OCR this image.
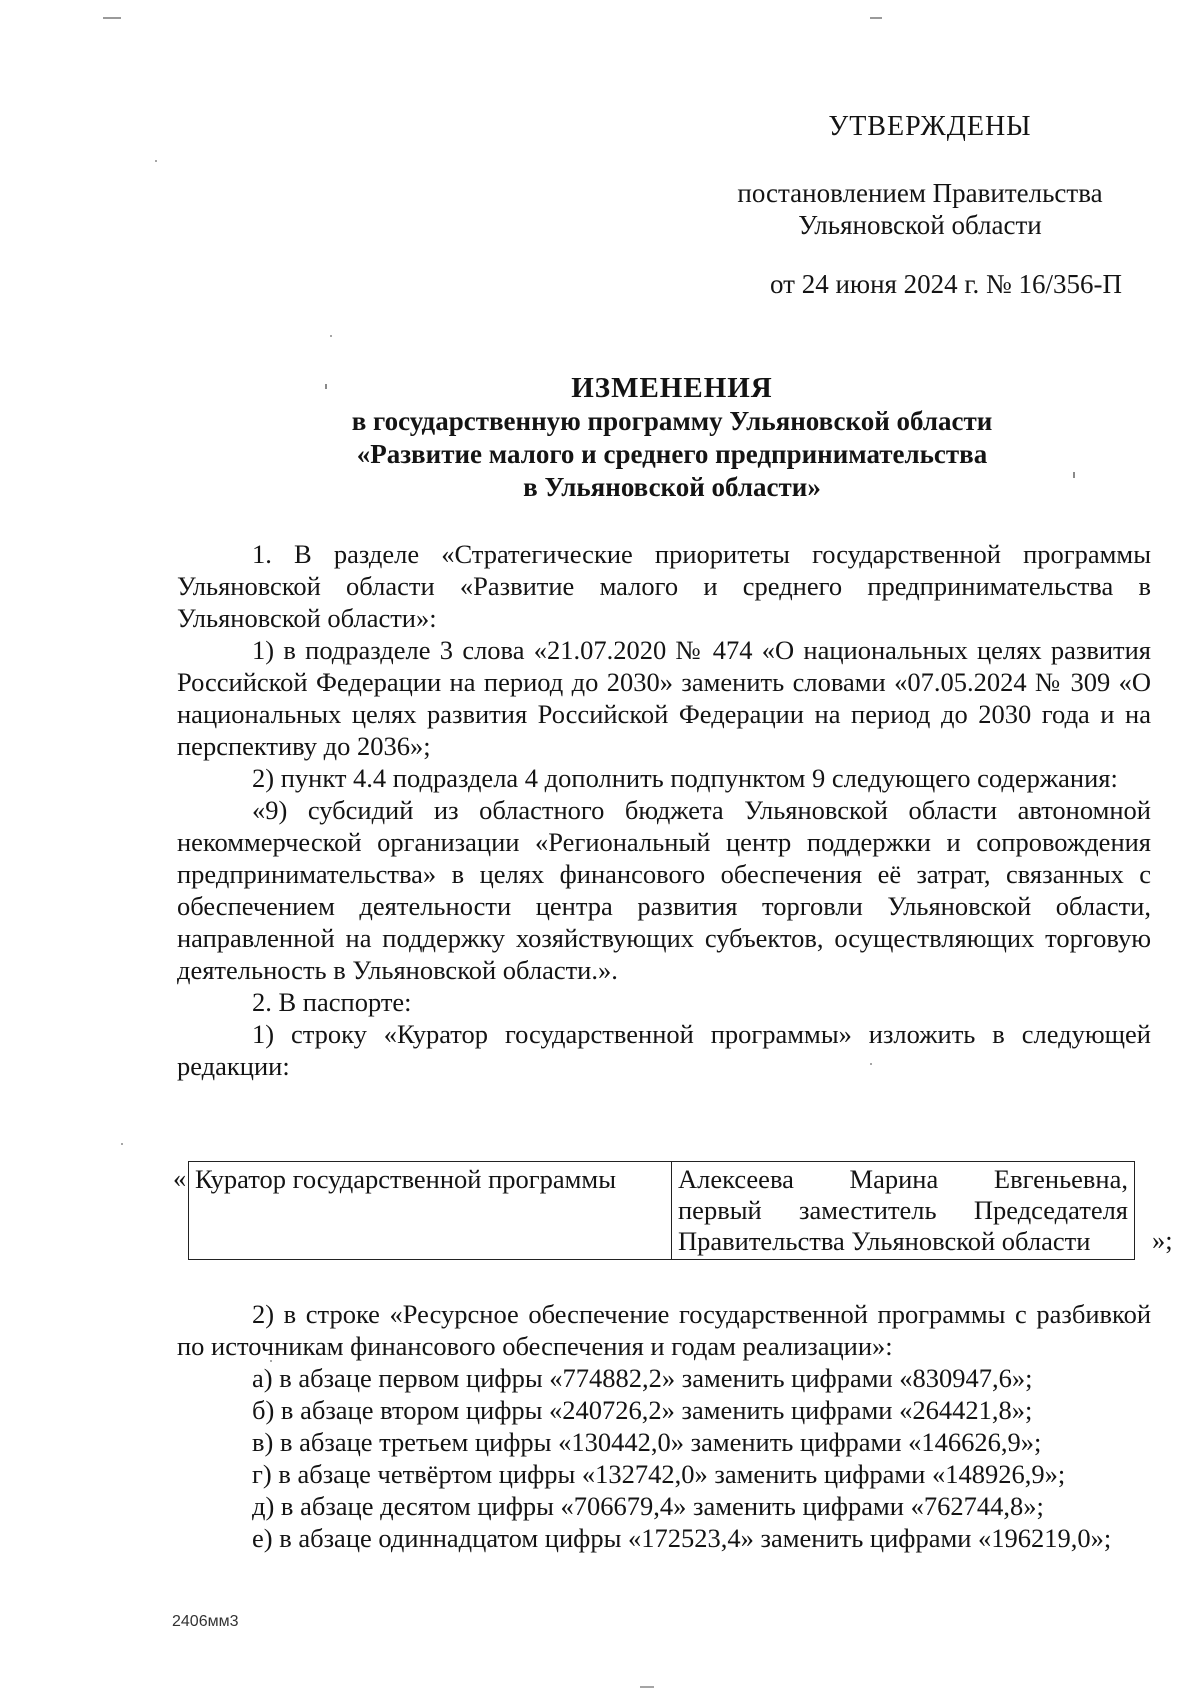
УТВЕРЖДЕНЫ
постановлением Правительства
Ульяновской области
от 24 июня 2024 г. № 16/356-П
ИЗМЕНЕНИЯ
в государственную программу Ульяновской области
«Развитие малого и среднего предпринимательства
в Ульяновской области»

1. В разделе «Стратегические приоритеты государственной программы Ульяновской области «Развитие малого и среднего предпринимательства в Ульяновской области»:

1) в подразделе 3 слова «21.07.2020 № 474 «О национальных целях развития Российской Федерации на период до 2030» заменить словами «07.05.2024 № 309 «О национальных целях развития Российской Федерации на период до 2030 года и на перспективу до 2036»;

2) пункт 4.4 подраздела 4 дополнить подпунктом 9 следующего содержания:

«9) субсидий из областного бюджета Ульяновской области автономной некоммерческой организации «Региональный центр поддержки и сопровождения предпринимательства» в целях финансового обеспечения её затрат, связанных с обеспечением деятельности центра развития торговли Ульяновской области, направленной на поддержку хозяйствующих субъектов, осуществляющих торговую деятельность в Ульяновской области.».

2. В паспорте:

1) строку «Куратор государственной программы» изложить в следующей редакции:

« Куратор государственной программы	Алексеева Марина Евгеньевна,
первый заместитель Председателя
Правительства Ульяновской области	»;

2) в строке «Ресурсное обеспечение государственной программы с разбивкой по источникам финансового обеспечения и годам реализации»:

а) в абзаце первом цифры «774882,2» заменить цифрами «830947,6»;

б) в абзаце втором цифры «240726,2» заменить цифрами «264421,8»;

в) в абзаце третьем цифры «130442,0» заменить цифрами «146626,9»;

г) в абзаце четвёртом цифры «132742,0» заменить цифрами «148926,9»;

д) в абзаце десятом цифры «706679,4» заменить цифрами «762744,8»;

е) в абзаце одиннадцатом цифры «172523,4» заменить цифрами «196219,0»;

2406мм3
